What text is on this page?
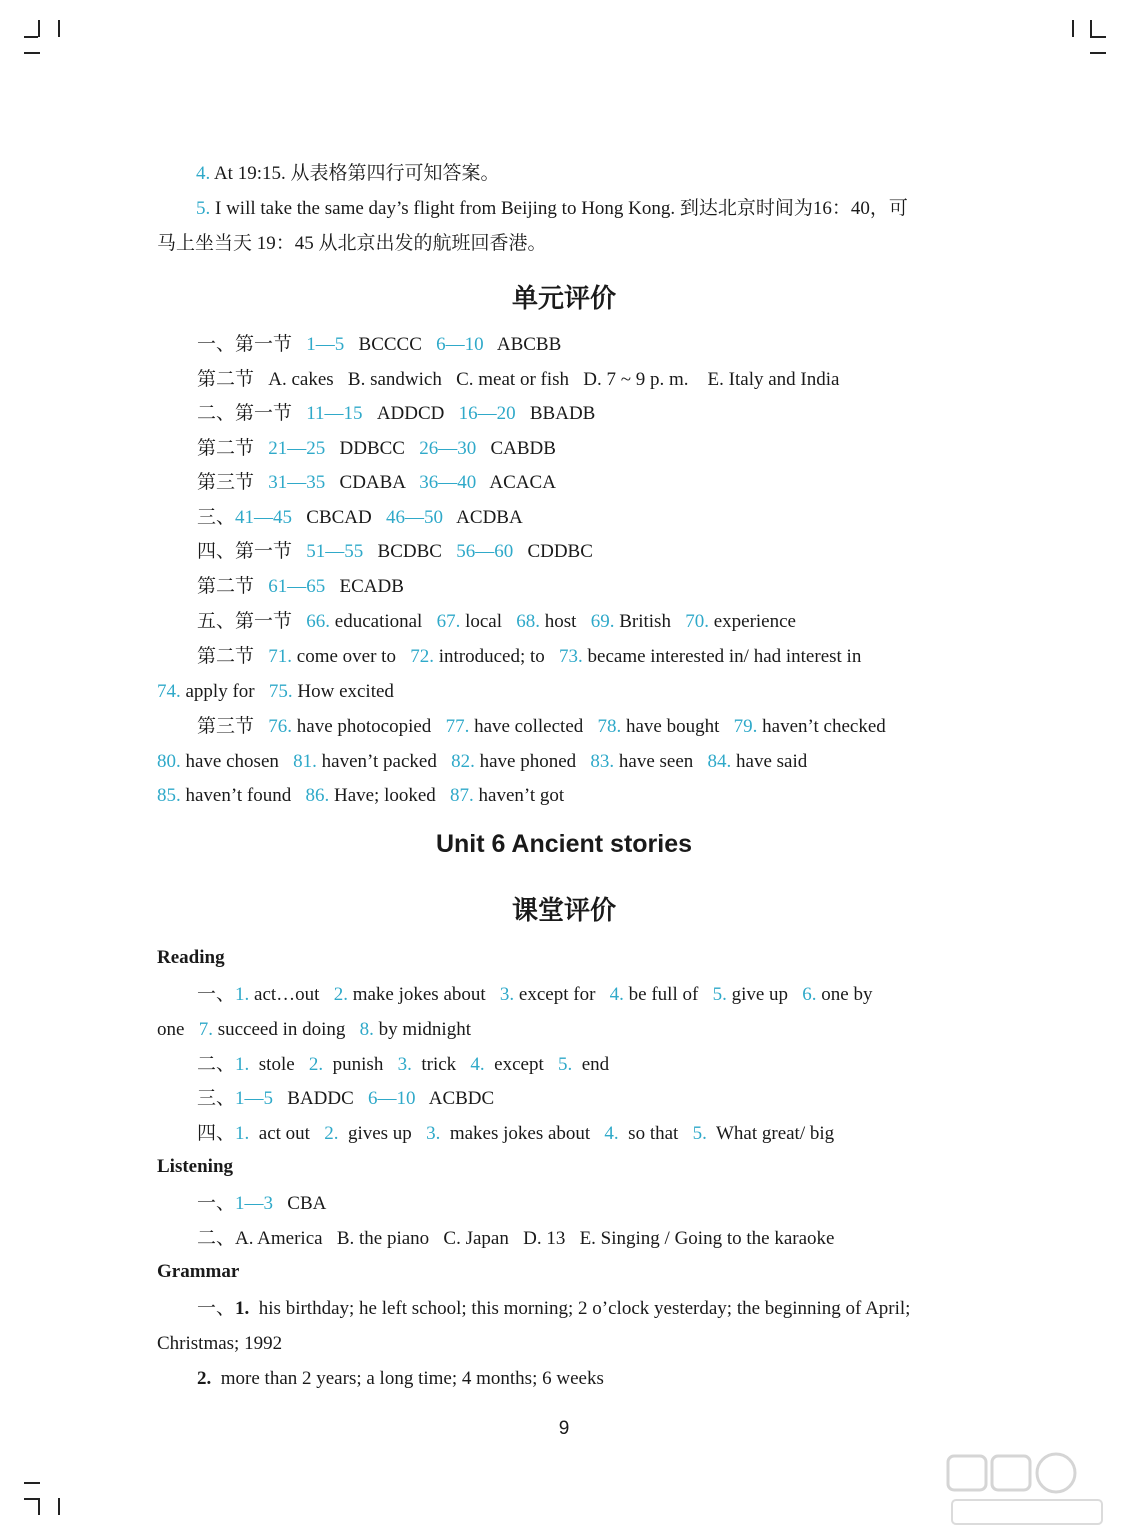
4. At 19:15. 从表格第四行可知答案。
5. I will take the same day’s flight from Beijing to Hong Kong. 到达北京时间为16：40，可
马上坐当天 19：45 从北京出发的航班回香港。
单元评价
一、第一节   1—5   BCCCC   6—10   ABCBB
第二节   A. cakes   B. sandwich   C. meat or fish   D. 7 ~ 9 p. m.    E. Italy and India
二、第一节   11—15   ADDCD   16—20   BBADB
第二节   21—25   DDBCC   26—30   CABDB
第三节   31—35   CDABA   36—40   ACACA
三、41—45   CBCAD   46—50   ACDBA
四、第一节   51—55   BCDBC   56—60   CDDBC
第二节   61—65   ECADB
五、第一节   66. educational   67. local   68. host   69. British   70. experience
第二节   71. come over to   72. introduced; to   73. became interested in/ had interest in
74. apply for   75. How excited
第三节   76. have photocopied   77. have collected   78. have bought   79. haven’t checked
80. have chosen   81. haven’t packed   82. have phoned   83. have seen   84. have said
85. haven’t found   86. Have; looked   87. haven’t got
Unit 6 Ancient stories
课堂评价
Reading
一、1. act…out   2. make jokes about   3. except for   4. be full of   5. give up   6. one by
one   7. succeed in doing   8. by midnight
二、1.  stole   2.  punish   3.  trick   4.  except   5.  end
三、1—5   BADDC   6—10   ACBDC
四、1.  act out   2.  gives up   3.  makes jokes about   4.  so that   5.  What great/ big
Listening
一、1—3   CBA
二、A. America   B. the piano   C. Japan   D. 13   E. Singing / Going to the karaoke
Grammar
一、1.  his birthday; he left school; this morning; 2 o’clock yesterday; the beginning of April;
Christmas; 1992
2.  more than 2 years; a long time; 4 months; 6 weeks
9
